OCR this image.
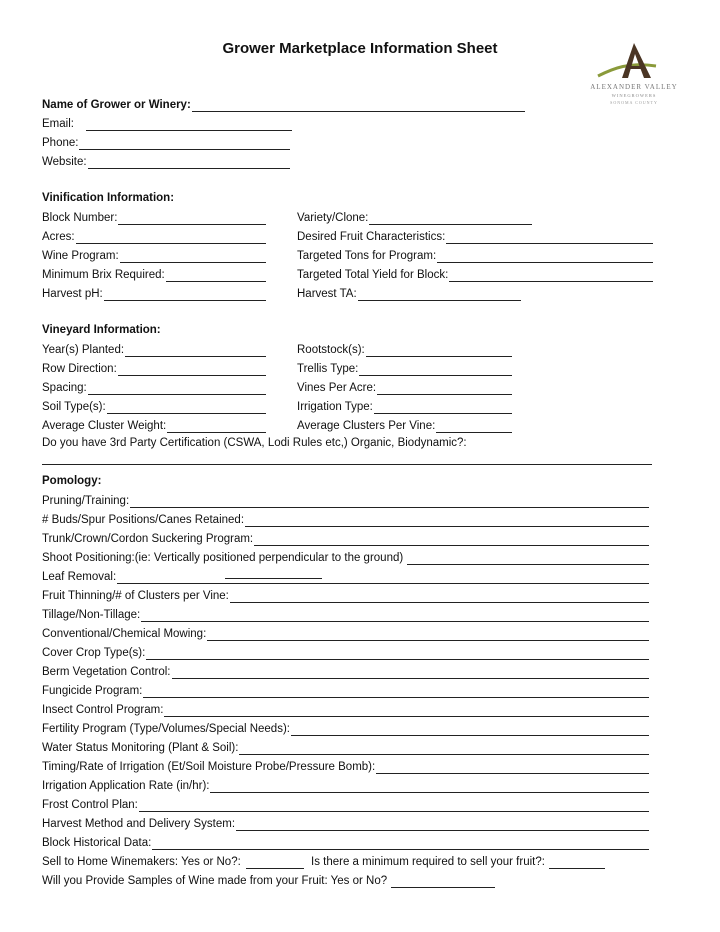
Grower Marketplace Information Sheet
ALEXANDER VALLEY
WINEGROWERS
SONOMA COUNTY
Name of Grower or Winery:
Email:
Phone:
Website:
Vinification Information:
Block Number:
Acres:
Wine Program:
Minimum Brix Required:
Harvest pH:
Variety/Clone:
Desired Fruit Characteristics:
Targeted Tons for Program:
Targeted Total Yield for Block:
Harvest TA:
Vineyard Information:
Year(s) Planted:
Row Direction:
Spacing:
Soil Type(s):
Average Cluster Weight:
Rootstock(s):
Trellis Type:
Vines Per Acre:
Irrigation Type:
Average Clusters Per Vine:
Do you have 3rd Party Certification (CSWA, Lodi Rules etc,) Organic, Biodynamic?:
Pomology:
Pruning/Training:
# Buds/Spur Positions/Canes Retained:
Trunk/Crown/Cordon Suckering Program:
Shoot Positioning:(ie: Vertically positioned perpendicular to the ground)
Leaf Removal:
Fruit Thinning/# of Clusters per Vine:
Tillage/Non-Tillage:
Conventional/Chemical Mowing:
Cover Crop Type(s):
Berm Vegetation Control:
Fungicide Program:
Insect Control Program:
Fertility Program (Type/Volumes/Special Needs):
Water Status Monitoring (Plant & Soil):
Timing/Rate of Irrigation (Et/Soil Moisture Probe/Pressure Bomb):
Irrigation Application Rate (in/hr):
Frost Control Plan:
Harvest Method and Delivery System:
Block Historical Data:
Sell to Home Winemakers: Yes or No?:	Is there a minimum required to sell your fruit?:
Will you Provide Samples of Wine made from your Fruit: Yes or No?
